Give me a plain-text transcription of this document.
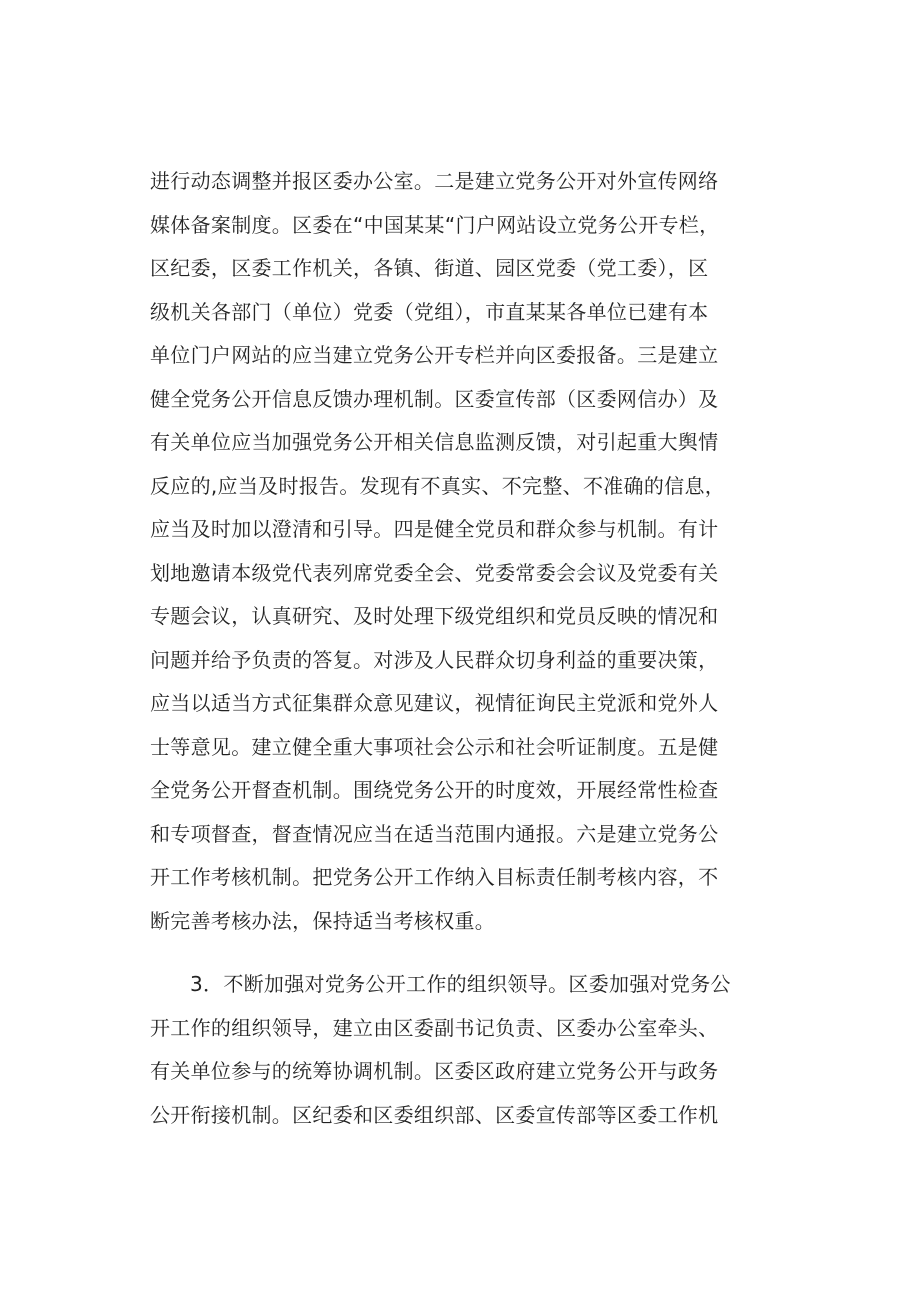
进行动态调整并报区委办公室。二是建立党务公开对外宣传网络
媒体备案制度。区委在“中国某某“门户网站设立党务公开专栏，
区纪委，区委工作机关，各镇、街道、园区党委（党工委），区
级机关各部门（单位）党委（党组），市直某某各单位已建有本
单位门户网站的应当建立党务公开专栏并向区委报备。三是建立
健全党务公开信息反馈办理机制。区委宣传部（区委网信办）及
有关单位应当加强党务公开相关信息监测反馈，对引起重大舆情
反应的,应当及时报告。发现有不真实、不完整、不准确的信息，
应当及时加以澄清和引导。四是健全党员和群众参与机制。有计
划地邀请本级党代表列席党委全会、党委常委会会议及党委有关
专题会议，认真研究、及时处理下级党组织和党员反映的情况和
问题并给予负责的答复。对涉及人民群众切身利益的重要决策，
应当以适当方式征集群众意见建议，视情征询民主党派和党外人
士等意见。建立健全重大事项社会公示和社会听证制度。五是健
全党务公开督查机制。围绕党务公开的时度效，开展经常性检查
和专项督查，督查情况应当在适当范围内通报。六是建立党务公
开工作考核机制。把党务公开工作纳入目标责任制考核内容，不
断完善考核办法，保持适当考核权重。
3．不断加强对党务公开工作的组织领导。区委加强对党务公
开工作的组织领导，建立由区委副书记负责、区委办公室牵头、
有关单位参与的统筹协调机制。区委区政府建立党务公开与政务
公开衔接机制。区纪委和区委组织部、区委宣传部等区委工作机
